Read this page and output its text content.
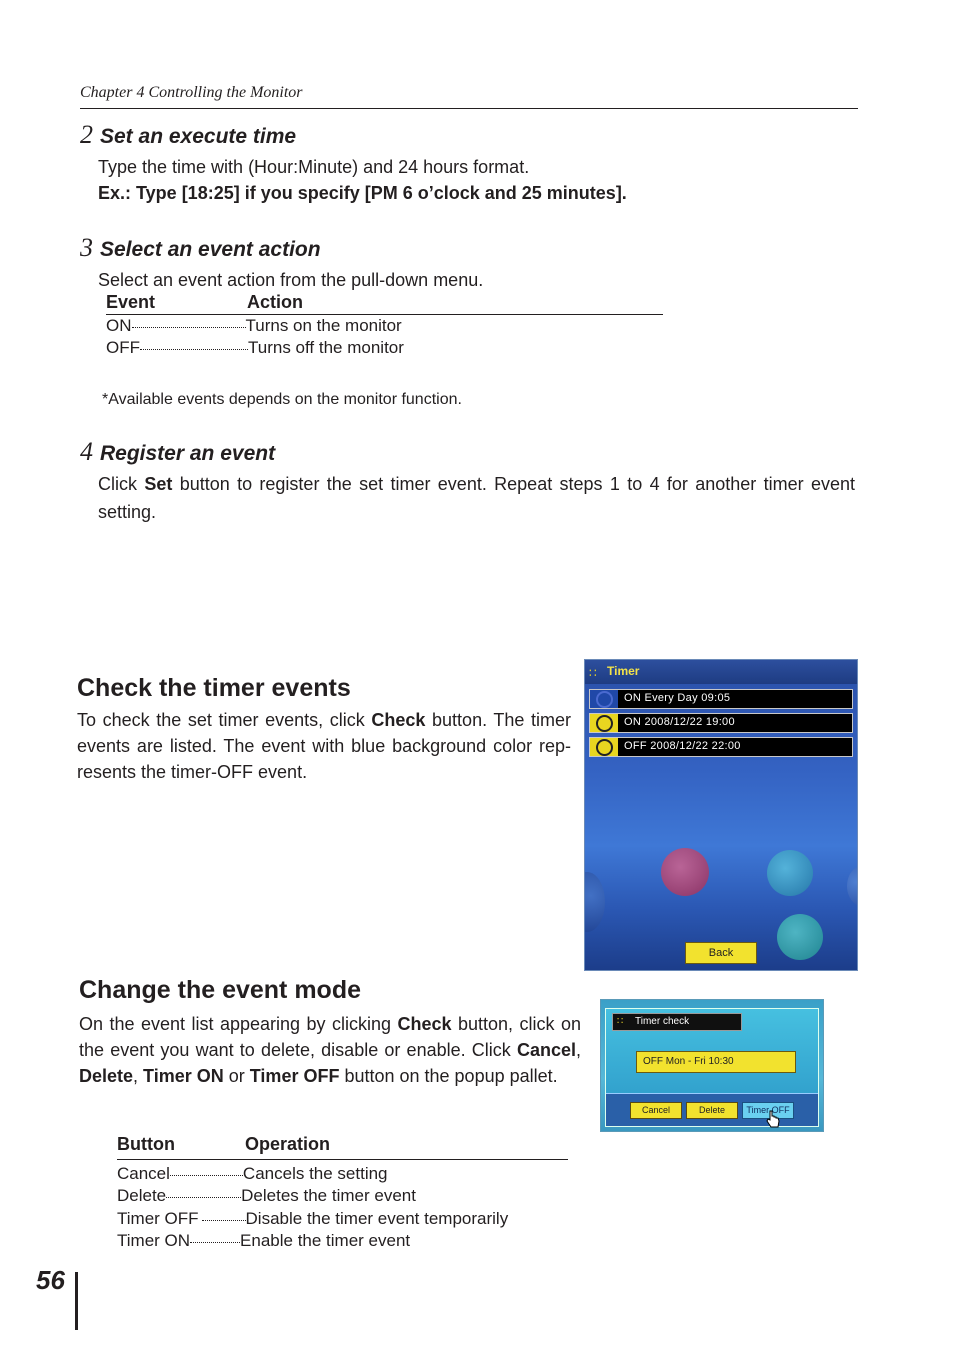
Chapter 4 Controlling the Monitor
2 Set an execute time
Type the time with (Hour:Minute) and 24 hours format.
Ex.: Type [18:25] if you specify [PM 6 o’clock and 25 minutes].
3 Select an event action
Select an event action from the pull-down menu.
Event	Action
ON	Turns on the monitor
OFF	Turns off the monitor
*Available events depends on the monitor function.
4 Register an event
Click Set button to register the set timer event. Repeat steps 1 to 4 for another timer event setting.
Check the timer events
To check the set timer events, click Check button. The timer events are listed. The event with blue background color rep-resents the timer-OFF event.
∷ Timer
ON Every Day 09:05
ON 2008/12/22 19:00
OFF 2008/12/22 22:00
Back
Change the event mode
On the event list appearing by clicking Check button, click on the event you want to delete, disable or enable. Click Cancel, Delete, Timer ON or Timer OFF button on the popup pallet.
∷ Timer check
OFF Mon - Fri 10:30
Cancel	Delete	Timer OFF
Button	Operation
Cancel	Cancels the setting
Delete	Deletes the timer event
Timer OFF	Disable the timer event temporarily
Timer ON	Enable the timer event
56
